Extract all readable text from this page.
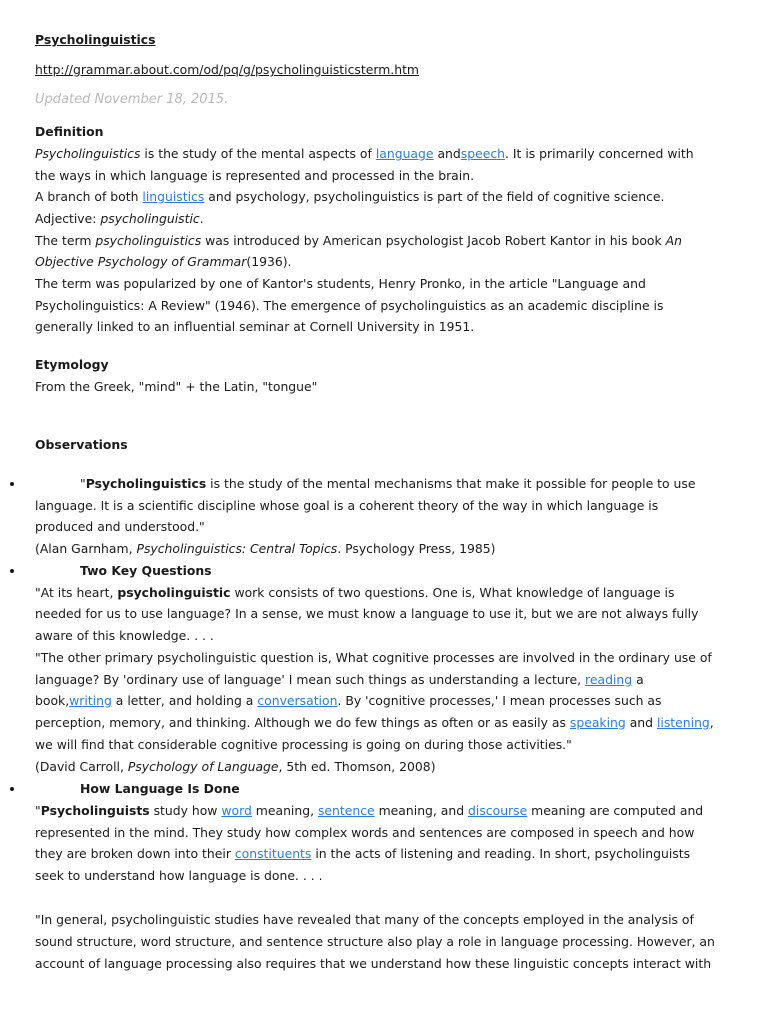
Psycholinguistics
http://grammar.about.com/od/pq/g/psycholinguisticsterm.htm
Updated November 18, 2015.
Definition
Psycholinguistics is the study of the mental aspects of language andspeech. It is primarily concerned with
the ways in which language is represented and processed in the brain.
A branch of both linguistics and psychology, psycholinguistics is part of the field of cognitive science.
Adjective: psycholinguistic.
The term psycholinguistics was introduced by American psychologist Jacob Robert Kantor in his book An
Objective Psychology of Grammar(1936).
The term was popularized by one of Kantor's students, Henry Pronko, in the article "Language and
Psycholinguistics: A Review" (1946). The emergence of psycholinguistics as an academic discipline is
generally linked to an influential seminar at Cornell University in 1951.
Etymology
From the Greek, "mind" + the Latin, "tongue"
Observations
"Psycholinguistics is the study of the mental mechanisms that make it possible for people to use
language. It is a scientific discipline whose goal is a coherent theory of the way in which language is
produced and understood."
(Alan Garnham, Psycholinguistics: Central Topics. Psychology Press, 1985)
Two Key Questions
"At its heart, psycholinguistic work consists of two questions. One is, What knowledge of language is
needed for us to use language? In a sense, we must know a language to use it, but we are not always fully
aware of this knowledge. . . .
"The other primary psycholinguistic question is, What cognitive processes are involved in the ordinary use of
language? By 'ordinary use of language' I mean such things as understanding a lecture, reading a
book,writing a letter, and holding a conversation. By 'cognitive processes,' I mean processes such as
perception, memory, and thinking. Although we do few things as often or as easily as speaking and listening,
we will find that considerable cognitive processing is going on during those activities."
(David Carroll, Psychology of Language, 5th ed. Thomson, 2008)
How Language Is Done
"Psycholinguists study how word meaning, sentence meaning, and discourse meaning are computed and
represented in the mind. They study how complex words and sentences are composed in speech and how
they are broken down into their constituents in the acts of listening and reading. In short, psycholinguists
seek to understand how language is done. . . .
"In general, psycholinguistic studies have revealed that many of the concepts employed in the analysis of
sound structure, word structure, and sentence structure also play a role in language processing. However, an
account of language processing also requires that we understand how these linguistic concepts interact with
